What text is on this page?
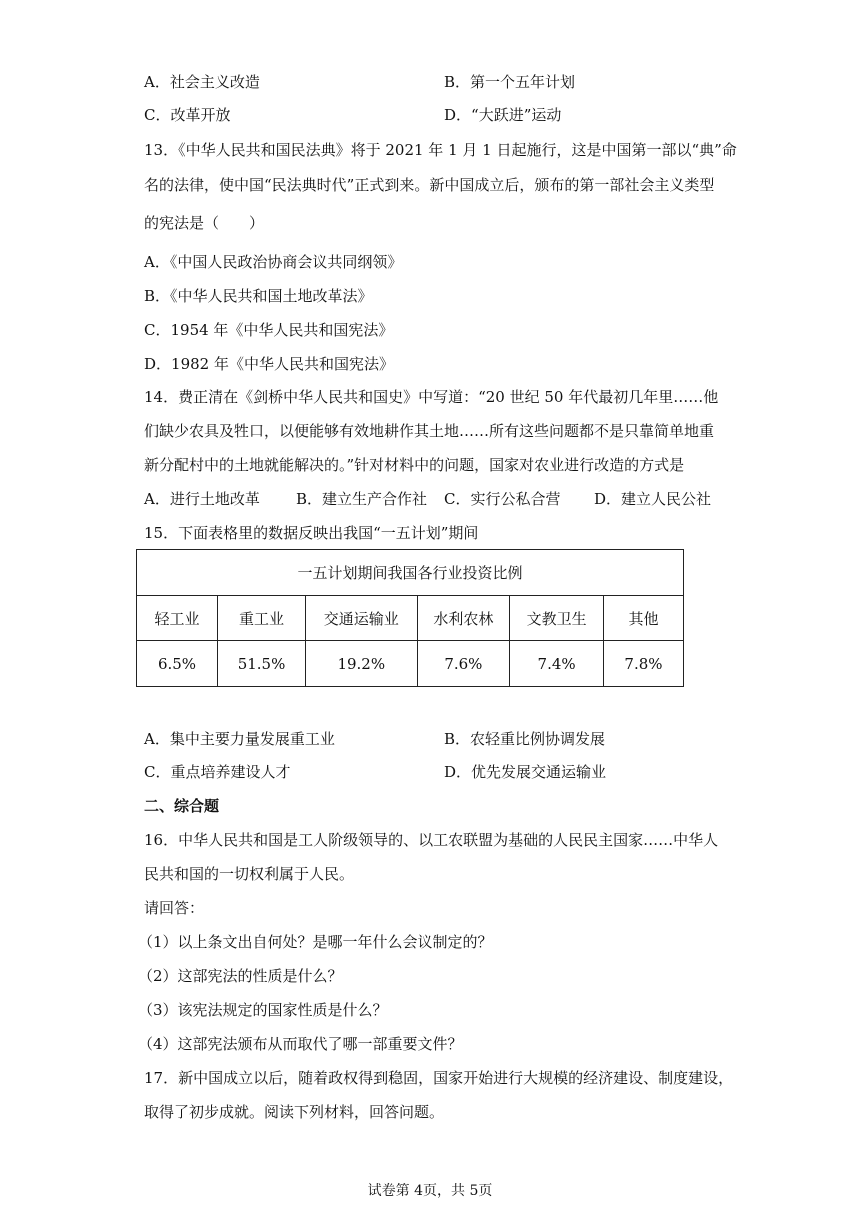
A．社会主义改造	B．第一个五年计划
C．改革开放	D．“大跃进”运动
13．《中华人民共和国民法典》将于 2021 年 1 月 1 日起施行，这是中国第一部以“典”命
名的法律，使中国“民法典时代”正式到来。新中国成立后，颁布的第一部社会主义类型
的宪法是（　　）
A．《中国人民政治协商会议共同纲领》
B．《中华人民共和国土地改革法》
C．1954 年《中华人民共和国宪法》
D．1982 年《中华人民共和国宪法》
14．费正清在《剑桥中华人民共和国史》中写道：“20 世纪 50 年代最初几年里……他
们缺少农具及牲口，以便能够有效地耕作其土地……所有这些问题都不是只靠简单地重
新分配村中的土地就能解决的。”针对材料中的问题，国家对农业进行改造的方式是
A．进行土地改革 B．建立生产合作社 C．实行公私合营 D．建立人民公社
15．下面表格里的数据反映出我国“一五计划”期间
一五计划期间我国各行业投资比例					
轻工业	重工业	交通运输业	水利农林	文教卫生	其他
6.5%	51.5%	19.2%	7.6%	7.4%	7.8%
A．集中主要力量发展重工业	B．农轻重比例协调发展
C．重点培养建设人才	D．优先发展交通运输业
二、综合题
16．中华人民共和国是工人阶级领导的、以工农联盟为基础的人民民主国家……中华人
民共和国的一切权利属于人民。
请回答：
（1）以上条文出自何处？是哪一年什么会议制定的？
（2）这部宪法的性质是什么？
（3）该宪法规定的国家性质是什么？
（4）这部宪法颁布从而取代了哪一部重要文件？
17．新中国成立以后，随着政权得到稳固，国家开始进行大规模的经济建设、制度建设，
取得了初步成就。阅读下列材料，回答问题。
试卷第 4页，共 5页
